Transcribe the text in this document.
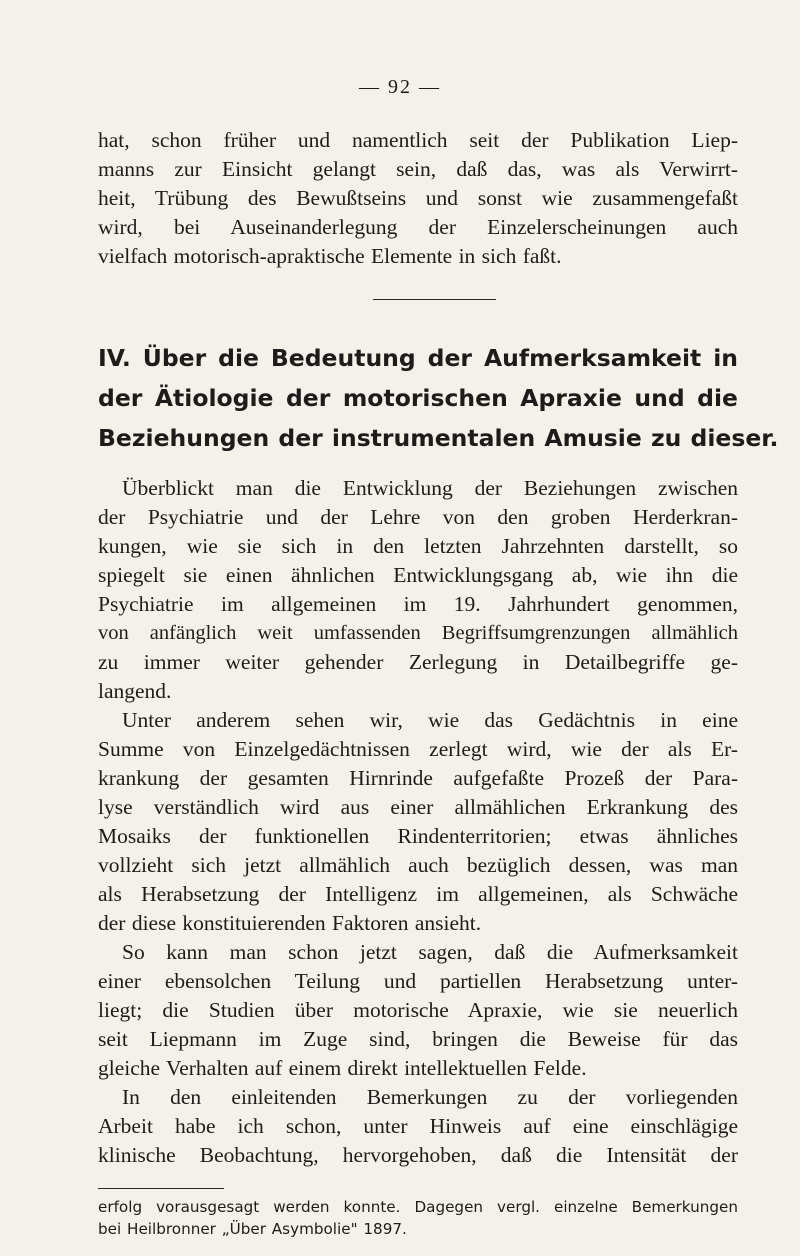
— 92 —
hat, schon früher und namentlich seit der Publikation Liep-
manns zur Einsicht gelangt sein, daß das, was als Verwirrt-
heit, Trübung des Bewußtseins und sonst wie zusammengefaßt
wird, bei Auseinanderlegung der Einzelerscheinungen auch
vielfach motorisch-apraktische Elemente in sich faßt.
IV. Über die Bedeutung der Aufmerksamkeit in
der Ätiologie der motorischen Apraxie und die
Beziehungen der instrumentalen Amusie zu dieser.
Überblickt man die Entwicklung der Beziehungen zwischen
der Psychiatrie und der Lehre von den groben Herderkran-
kungen, wie sie sich in den letzten Jahrzehnten darstellt, so
spiegelt sie einen ähnlichen Entwicklungsgang ab, wie ihn die
Psychiatrie im allgemeinen im 19. Jahrhundert genommen,
von anfänglich weit umfassenden Begriffsumgrenzungen allmählich
zu immer weiter gehender Zerlegung in Detailbegriffe ge-
langend.
Unter anderem sehen wir, wie das Gedächtnis in eine
Summe von Einzelgedächtnissen zerlegt wird, wie der als Er-
krankung der gesamten Hirnrinde aufgefaßte Prozeß der Para-
lyse verständlich wird aus einer allmählichen Erkrankung des
Mosaiks der funktionellen Rindenterritorien; etwas ähnliches
vollzieht sich jetzt allmählich auch bezüglich dessen, was man
als Herabsetzung der Intelligenz im allgemeinen, als Schwäche
der diese konstituierenden Faktoren ansieht.
So kann man schon jetzt sagen, daß die Aufmerksamkeit
einer ebensolchen Teilung und partiellen Herabsetzung unter-
liegt; die Studien über motorische Apraxie, wie sie neuerlich
seit Liepmann im Zuge sind, bringen die Beweise für das
gleiche Verhalten auf einem direkt intellektuellen Felde.
In den einleitenden Bemerkungen zu der vorliegenden
Arbeit habe ich schon, unter Hinweis auf eine einschlägige
klinische Beobachtung, hervorgehoben, daß die Intensität der
erfolg vorausgesagt werden konnte. Dagegen vergl. einzelne Bemerkungen
bei Heilbronner „Über Asymbolie" 1897.
